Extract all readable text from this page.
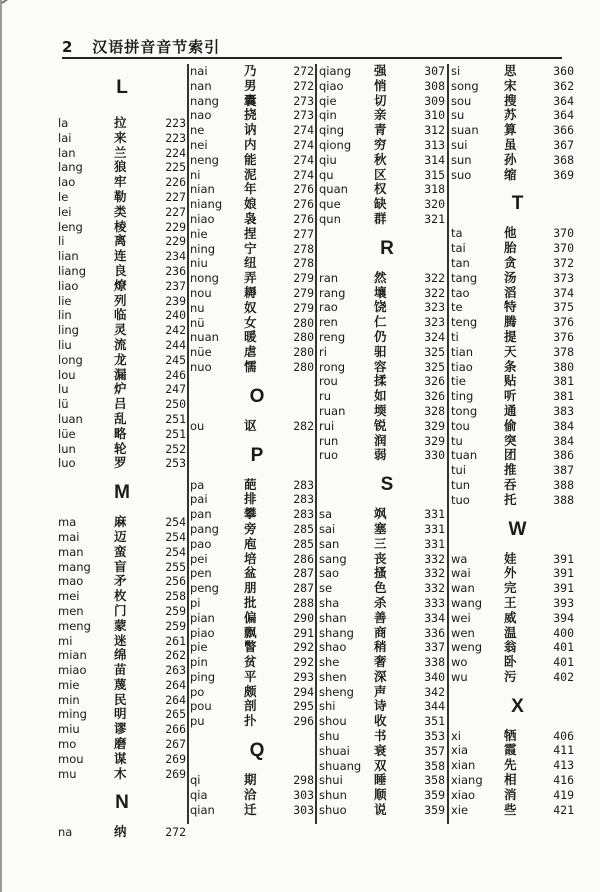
2 汉语拼音音节索引
L
la	拉	223
lai	来	223
lan	兰	224
lang 狼	225
lao	牢	226
le	勒	227
lei	类	227
leng 棱	229
li	离	229
lian	连	234
liang 良	236
liao	燎	237
lie	列	239
lin	临	240
ling	灵	242
liu	流	244
long 龙	245
lou	漏	246
lu	炉	247
lü	吕	250
luan 乱	251
lüe	略	251
lun	轮	252
luo	罗	253
M
ma	麻	254
mai	迈	254
man 蛮	254
mang 盲	255
mao 矛	256
mei	枚	258
men 门	259
meng 蒙	259
mi	迷	261
mian 绵	262
miao 苗	263
mie	蔑	264
min	民	264
ming 明	265
miu	谬	266
mo	磨	267
mou 谋	269
mu	木	269
N
na	纳	272
nai	乃	272
nan	男	272
nang 囊	273
nao	挠	273
ne	讷	274
nei	内	274
neng 能	274
ni	泥	274
nian 年	276
niang 娘	276
niao 袅	276
nie	捏	277
ning 宁	278
niu	纽	278
nong 弄	279
nou	耨	279
nu	奴	279
nü	女	280
nuan 暖	280
nüe	虐	280
nuo	懦	280
O
ou	讴	282
P
pa	葩	283
pai	排	283
pan	攀	283
pang 旁	285
pao	庖	285
pei	培	286
pen	盆	287
peng 朋	287
pi	批	288
pian 偏	290
piao 飘	291
pie	瞥	292
pin	贫	292
ping 平	293
po	颇	294
pou	剖	295
pu	扑	296
Q
qi	期	298
qia	洽	303
qian 迁	303
qiang 强	307
qiao 悄	308
qie	切	309
qin	亲	310
qing 青	312
qiong 穷	313
qiu	秋	314
qu	区	315
quan 权	318
que	缺	320
qun	群	321
R
ran	然	322
rang 壤	322
rao	饶	323
ren	仁	323
reng 仍	324
ri	驲	325
rong 容	325
rou	揉	326
ru	如	326
ruan 堧	328
rui	锐	329
run	润	329
ruo	弱	330
S
sa	飒	331
sai	塞	331
san	三	331
sang 丧	332
sao	搔	332
se	色	332
sha	杀	333
shan 善	334
shang 商	336
shao 稍	337
she	奢	338
shen 深	340
sheng 声	342
shi	诗	344
shou 收	351
shu	书	353
shuai 衰	357
shuang 双	358
shui 睡	358
shun 顺	359
shuo 说	359
si	思	360
song 宋	362
sou	搜	364
su	苏	364
suan 算	366
sui	虽	367
sun	孙	368
suo	缩	369
T
ta	他	370
tai	胎	370
tan	贪	372
tang 汤	373
tao	滔	374
te	特	375
teng 腾	376
ti	提	376
tian 天	378
tiao 条	380
tie	贴	381
ting 听	381
tong 通	383
tou	偷	384
tu	突	384
tuan 团	386
tui	推	387
tun	吞	388
tuo	托	388
W
wa	娃	391
wai	外	391
wan 完	391
wang 王	393
wei	威	394
wen 温	400
weng 翁	401
wo	卧	401
wu	污	402
X
xi	牺	406
xia	霞	411
xian 先	413
xiang 相	416
xiao 消	419
xie	些	421
